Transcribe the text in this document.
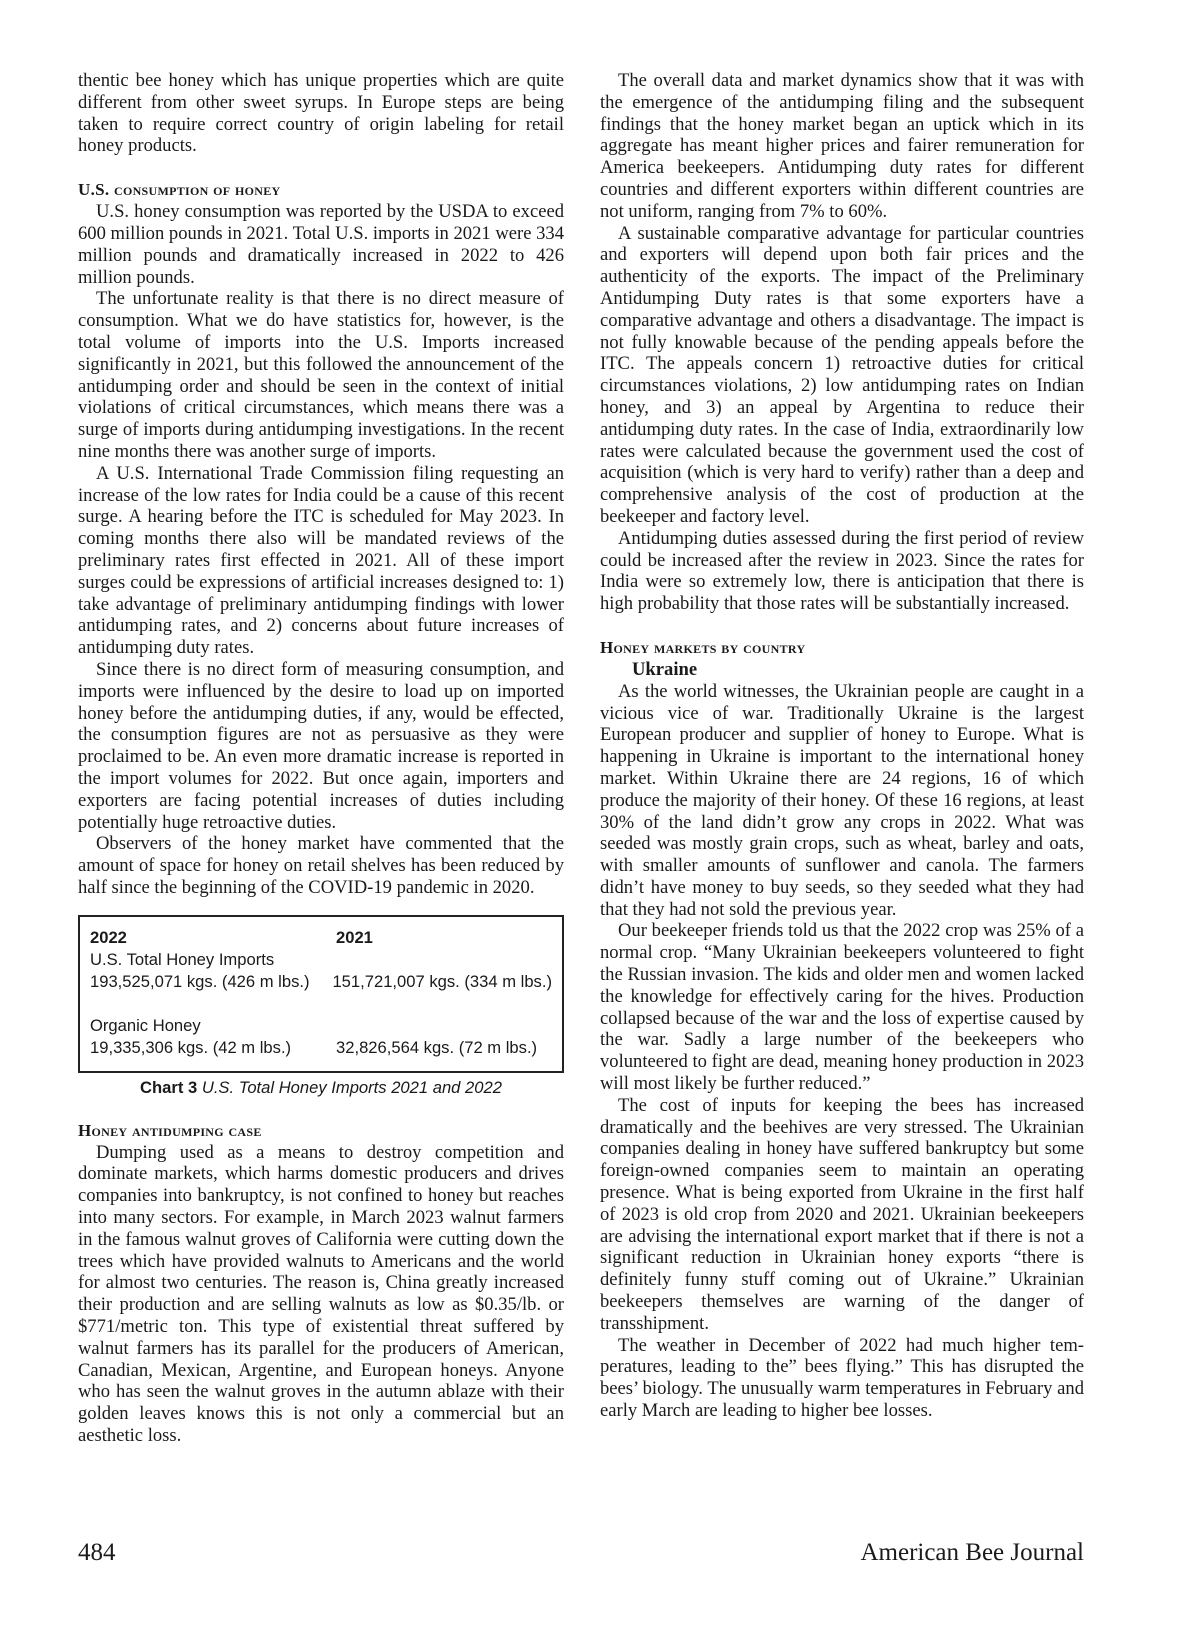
thentic bee honey which has unique properties which are quite different from other sweet syrups. In Europe steps are being taken to require correct country of origin labeling for retail honey products.

U.S. consumption of honey

U.S. honey consumption was reported by the USDA to exceed 600 million pounds in 2021. Total U.S. imports in 2021 were 334 million pounds and dramatically increased in 2022 to 426 million pounds.

The unfortunate reality is that there is no direct measure of consumption. What we do have statistics for, however, is the total volume of imports into the U.S. Imports increased significantly in 2021, but this followed the announcement of the antidumping order and should be seen in the context of initial violations of critical circumstances, which means there was a surge of imports during antidumping investigations. In the recent nine months there was another surge of imports.

A U.S. International Trade Commission filing requesting an increase of the low rates for India could be a cause of this recent surge. A hearing before the ITC is scheduled for May 2023. In coming months there also will be mandated reviews of the preliminary rates first effected in 2021. All of these import surges could be expressions of artificial increases designed to: 1) take advantage of preliminary antidumping findings with lower antidumping rates, and 2) concerns about future increases of antidumping duty rates.

Since there is no direct form of measuring consumption, and imports were influenced by the desire to load up on imported honey before the antidumping duties, if any, would be effected, the consumption figures are not as persuasive as they were proclaimed to be. An even more dramatic increase is reported in the import volumes for 2022. But once again, importers and exporters are facing potential increases of duties including potentially huge retroactive duties.

Observers of the honey market have commented that the amount of space for honey on retail shelves has been reduced by half since the beginning of the COVID-19 pandemic in 2020.

2022	2021
U.S. Total Honey Imports
193,525,071 kgs. (426 m lbs.)	151,721,007 kgs. (334 m lbs.)
Organic Honey
19,335,306 kgs. (42 m lbs.)	32,826,564 kgs. (72 m lbs.)
Chart 3 U.S. Total Honey Imports 2021 and 2022
Honey antidumping case

Dumping used as a means to destroy competition and dominate markets, which harms domestic producers and drives companies into bankruptcy, is not confined to honey but reaches into many sectors. For example, in March 2023 walnut farmers in the famous walnut groves of California were cutting down the trees which have provided walnuts to Americans and the world for almost two centuries. The reason is, China greatly increased their production and are selling walnuts as low as $0.35/lb. or $771/metric ton. This type of existential threat suffered by walnut farmers has its parallel for the producers of American, Canadian, Mexican, Argentine, and European honeys. Anyone who has seen the walnut groves in the autumn ablaze with their golden leaves knows this is not only a commercial but an aesthetic loss.

The overall data and market dynamics show that it was with the emergence of the antidumping filing and the subsequent findings that the honey market began an uptick which in its aggregate has meant higher prices and fairer remuneration for America beekeepers. Antidumping duty rates for different countries and different exporters within different countries are not uniform, ranging from 7% to 60%.

A sustainable comparative advantage for particular countries and exporters will depend upon both fair prices and the authenticity of the exports. The impact of the Preliminary Antidumping Duty rates is that some exporters have a comparative advantage and others a disadvantage. The impact is not fully knowable because of the pending appeals before the ITC. The appeals concern 1) retroactive duties for critical circumstances violations, 2) low antidumping rates on Indian honey, and 3) an appeal by Argentina to reduce their antidumping duty rates. In the case of India, extraordinarily low rates were calculated because the government used the cost of acquisition (which is very hard to verify) rather than a deep and comprehensive analysis of the cost of production at the beekeeper and factory level.

Antidumping duties assessed during the first period of review could be increased after the review in 2023. Since the rates for India were so extremely low, there is anticipation that there is high probability that those rates will be substantially increased.

Honey markets by country
Ukraine

As the world witnesses, the Ukrainian people are caught in a vicious vice of war. Traditionally Ukraine is the largest European producer and supplier of honey to Europe. What is happening in Ukraine is important to the international honey market. Within Ukraine there are 24 regions, 16 of which produce the majority of their honey. Of these 16 regions, at least 30% of the land didn’t grow any crops in 2022. What was seeded was mostly grain crops, such as wheat, barley and oats, with smaller amounts of sunflower and canola. The farmers didn’t have money to buy seeds, so they seeded what they had that they had not sold the previous year.

Our beekeeper friends told us that the 2022 crop was 25% of a normal crop. “Many Ukrainian beekeepers volunteered to fight the Russian invasion. The kids and older men and women lacked the knowledge for effectively caring for the hives. Production collapsed because of the war and the loss of expertise caused by the war. Sadly a large number of the beekeepers who volunteered to fight are dead, meaning honey production in 2023 will most likely be further reduced.”

The cost of inputs for keeping the bees has increased dramatically and the beehives are very stressed. The Ukrainian companies dealing in honey have suffered bankruptcy but some foreign-owned companies seem to maintain an operating presence. What is being exported from Ukraine in the first half of 2023 is old crop from 2020 and 2021. Ukrainian beekeepers are advising the international export market that if there is not a significant reduction in Ukrainian honey exports “there is definitely funny stuff coming out of Ukraine.” Ukrainian beekeepers themselves are warning of the danger of transshipment.

The weather in December of 2022 had much higher temperatures, leading to the” bees flying.” This has disrupted the bees’ biology. The unusually warm temperatures in February and early March are leading to higher bee losses.

484	American Bee Journal
